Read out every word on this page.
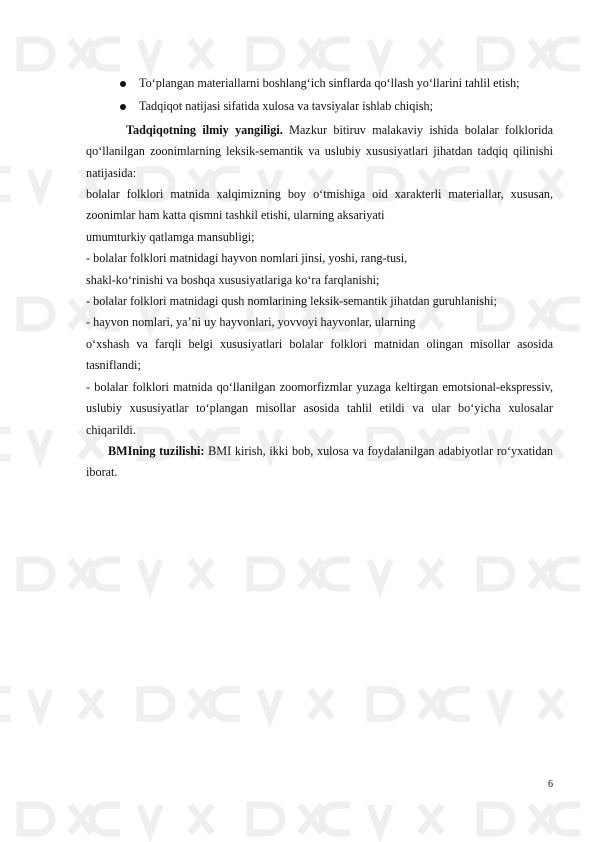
To‘plangan materiallarni boshlang‘ich sinflarda qo‘llash yo‘llarini tahlil etish;
Tadqiqot natijasi sifatida xulosa va tavsiyalar ishlab chiqish;

Tadqiqotning ilmiy yangiligi. Mazkur bitiruv malakaviy ishida bolalar folklorida qo‘llanilgan zoonimlarning leksik-semantik va uslubiy xususiyatlari jihatdan tadqiq qilinishi natijasida:

bolalar folklori matnida xalqimizning boy o‘tmishiga oid xarakterli materiallar, xususan, zoonimlar ham katta qismni tashkil etishi, ularning aksariyati

umumturkiy qatlamga mansubligi;

- bolalar folklori matnidagi hayvon nomlari jinsi, yoshi, rang-tusi,

shakl-ko‘rinishi va boshqa xususiyatlariga ko‘ra farqlanishi;

- bolalar folklori matnidagi qush nomlarining leksik-semantik jihatdan guruhlanishi;

- hayvon nomlari, ya’ni uy hayvonlari, yovvoyi hayvonlar, ularning

o‘xshash va farqli belgi xususiyatlari bolalar folklori matnidan olingan misollar asosida tasniflandi;

- bolalar folklori matnida qo‘llanilgan zoomorfizmlar yuzaga keltirgan emotsional-ekspressiv, uslubiy xususiyatlar to‘plangan misollar asosida tahlil etildi va ular bo‘yicha xulosalar chiqarildi.

BMIning tuzilishi: BMI kirish, ikki bob, xulosa va foydalanilgan adabiyotlar ro‘yxatidan iborat.

6
